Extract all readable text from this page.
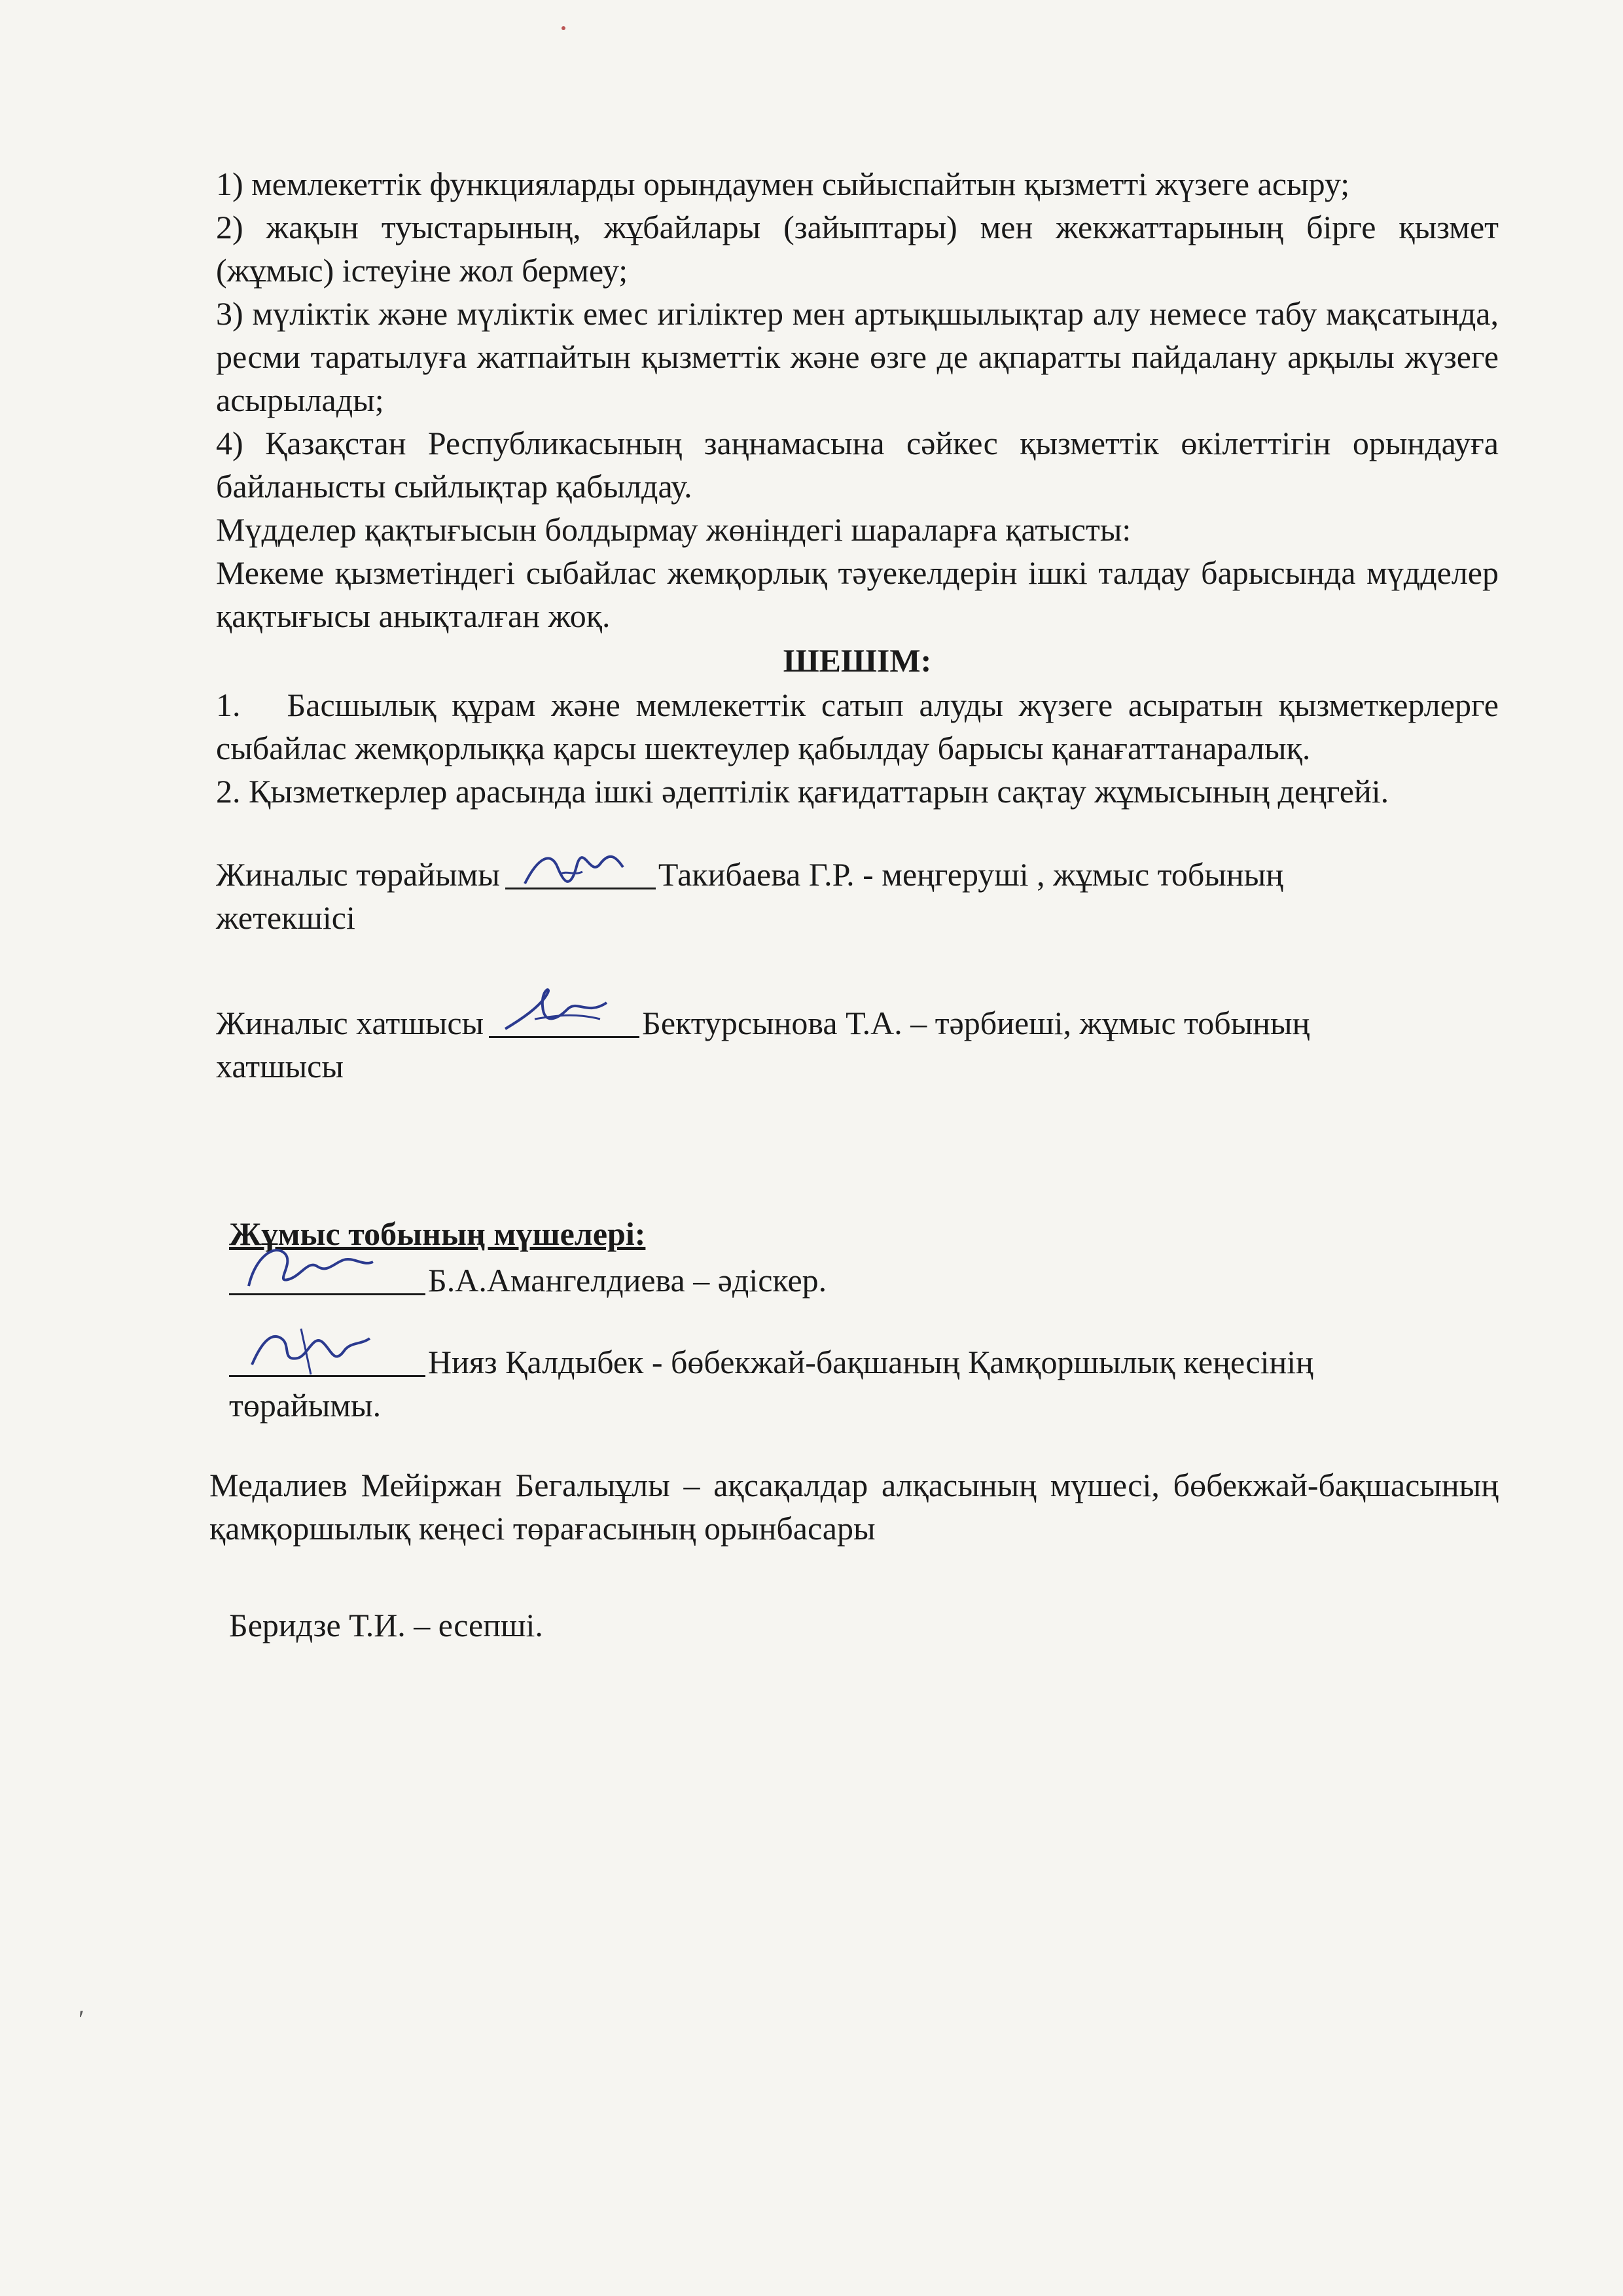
1) мемлекеттік функцияларды орындаумен сыйыспайтын қызметті жүзеге асыру;

2) жақын туыстарының, жұбайлары (зайыптары) мен жекжаттарының бірге қызмет (жұмыс) істеуіне жол бермеу;

3) мүліктік және мүліктік емес игіліктер мен артықшылықтар алу немесе табу мақсатында, ресми таратылуға жатпайтын қызметтік және өзге де ақпаратты пайдалану арқылы жүзеге асырылады;

4) Қазақстан Республикасының заңнамасына сәйкес қызметтік өкілеттігін орындауға байланысты сыйлықтар қабылдау.

Мүдделер қақтығысын болдырмау жөніндегі шараларға қатысты:

Мекеме қызметіндегі сыбайлас жемқорлық тәуекелдерін ішкі талдау барысында мүдделер қақтығысы анықталған жоқ.

ШЕШІМ:

1.   Басшылық құрам және мемлекеттік сатып алуды жүзеге асыратын қызметкерлерге сыбайлас жемқорлыққа қарсы шектеулер қабылдау барысы қанағаттанаралық.

2. Қызметкерлер арасында ішкі әдептілік қағидаттарын сақтау жұмысының деңгейі.

Жиналыс төрайымы	Такибаева Г.Р. - меңгеруші , жұмыс тобының

жетекшісі

Жиналыс хатшысы	Бектурсынова Т.А. – тәрбиеші, жұмыс тобының

хатшысы

Жұмыс тобының мүшелері:

Б.А.Амангелдиева – әдіскер.
Нияз Қалдыбек - бөбекжай-бақшаның Қамқоршылық кеңесінің

төрайымы.

Медалиев Мейіржан Бегалыұлы – ақсақалдар алқасының мүшесі, бөбекжай-бақшасының қамқоршылық кеңесі төрағасының орынбасары

Беридзе Т.И. – есепші.

′
